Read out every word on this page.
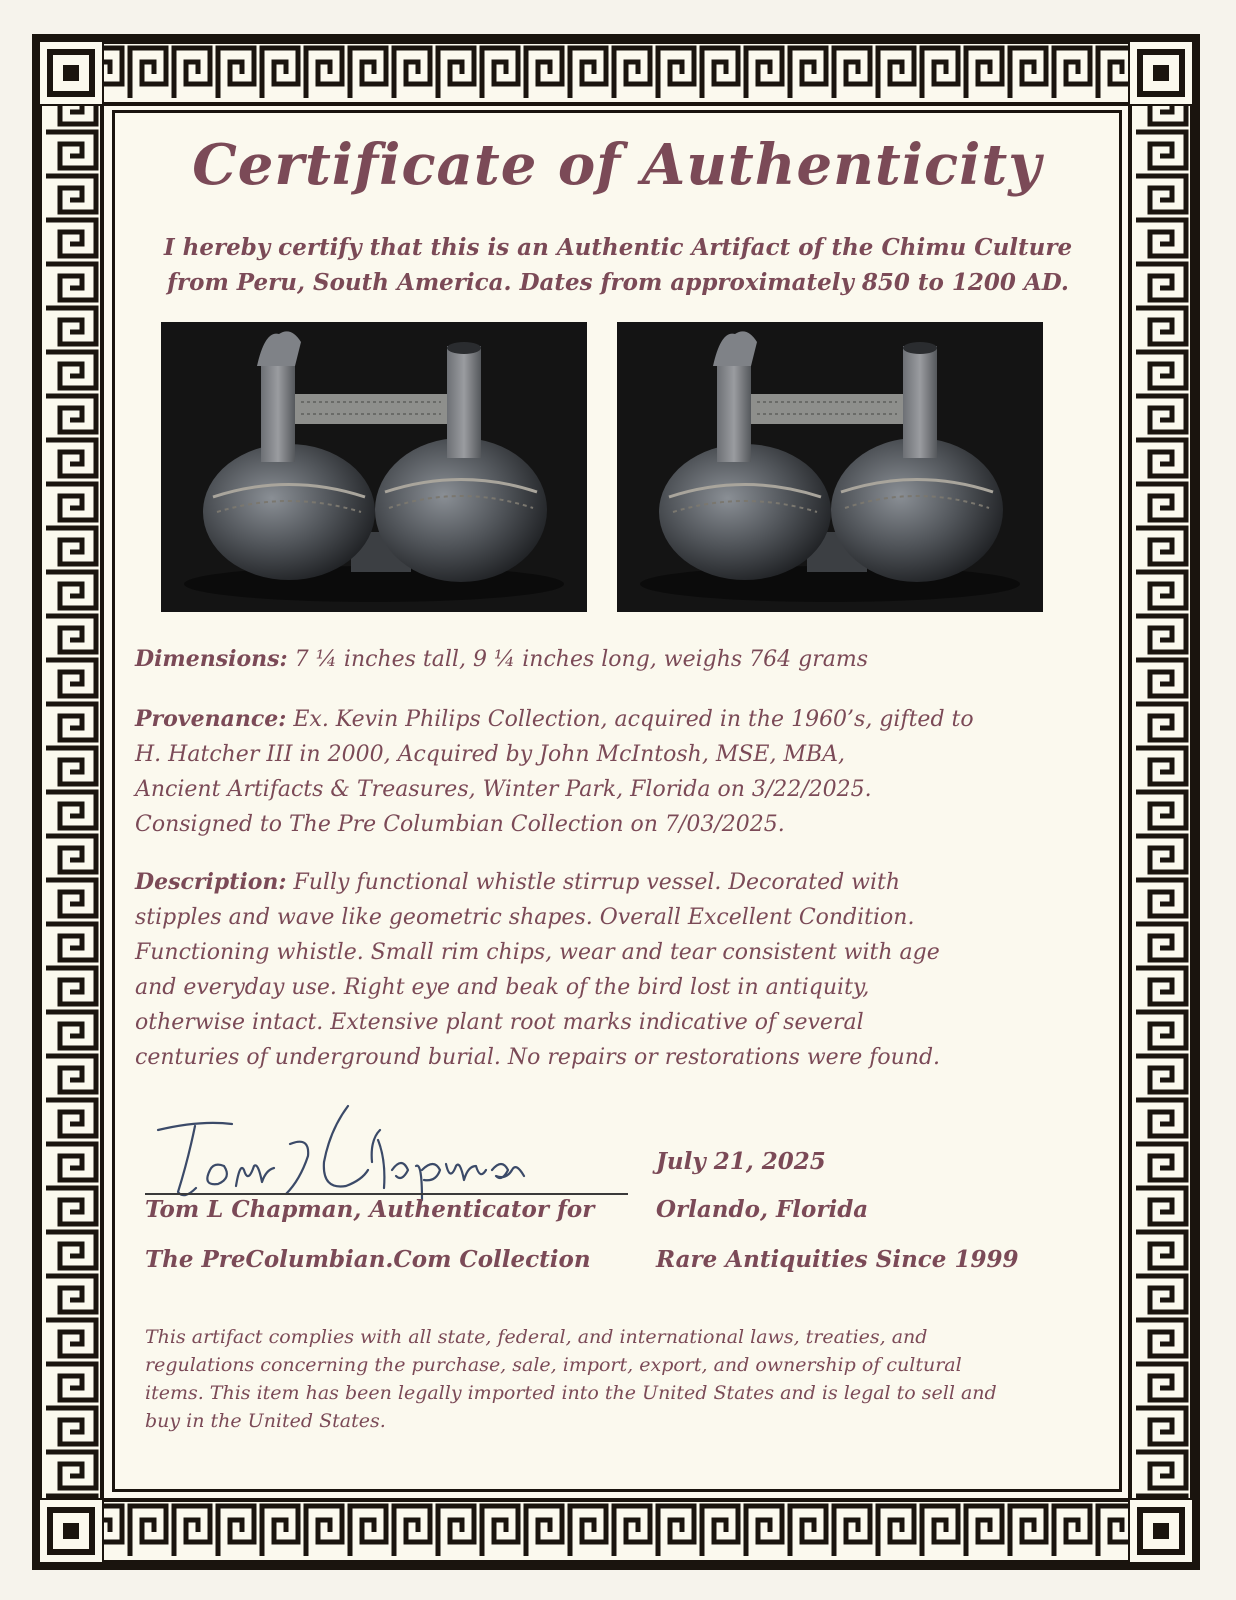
Certificate of Authenticity
I hereby certify that this is an Authentic Artifact of the Chimu Culture
from Peru, South America. Dates from approximately 850 to 1200 AD.
Dimensions: 7 ¼ inches tall, 9 ¼ inches long, weighs 764 grams
Provenance: Ex. Kevin Philips Collection, acquired in the 1960’s, gifted to
H. Hatcher III in 2000, Acquired by John McIntosh, MSE, MBA,
Ancient Artifacts & Treasures, Winter Park, Florida on 3/22/2025.
Consigned to The Pre Columbian Collection on 7/03/2025.
Description: Fully functional whistle stirrup vessel. Decorated with
stipples and wave like geometric shapes. Overall Excellent Condition.
Functioning whistle. Small rim chips, wear and tear consistent with age
and everyday use. Right eye and beak of the bird lost in antiquity,
otherwise intact. Extensive plant root marks indicative of several
centuries of underground burial. No repairs or restorations were found.
July 21, 2025
Tom L Chapman, Authenticator for	Orlando, Florida
The PreColumbian.Com Collection	Rare Antiquities Since 1999
This artifact complies with all state, federal, and international laws, treaties, and
regulations concerning the purchase, sale, import, export, and ownership of cultural
items. This item has been legally imported into the United States and is legal to sell and
buy in the United States.
